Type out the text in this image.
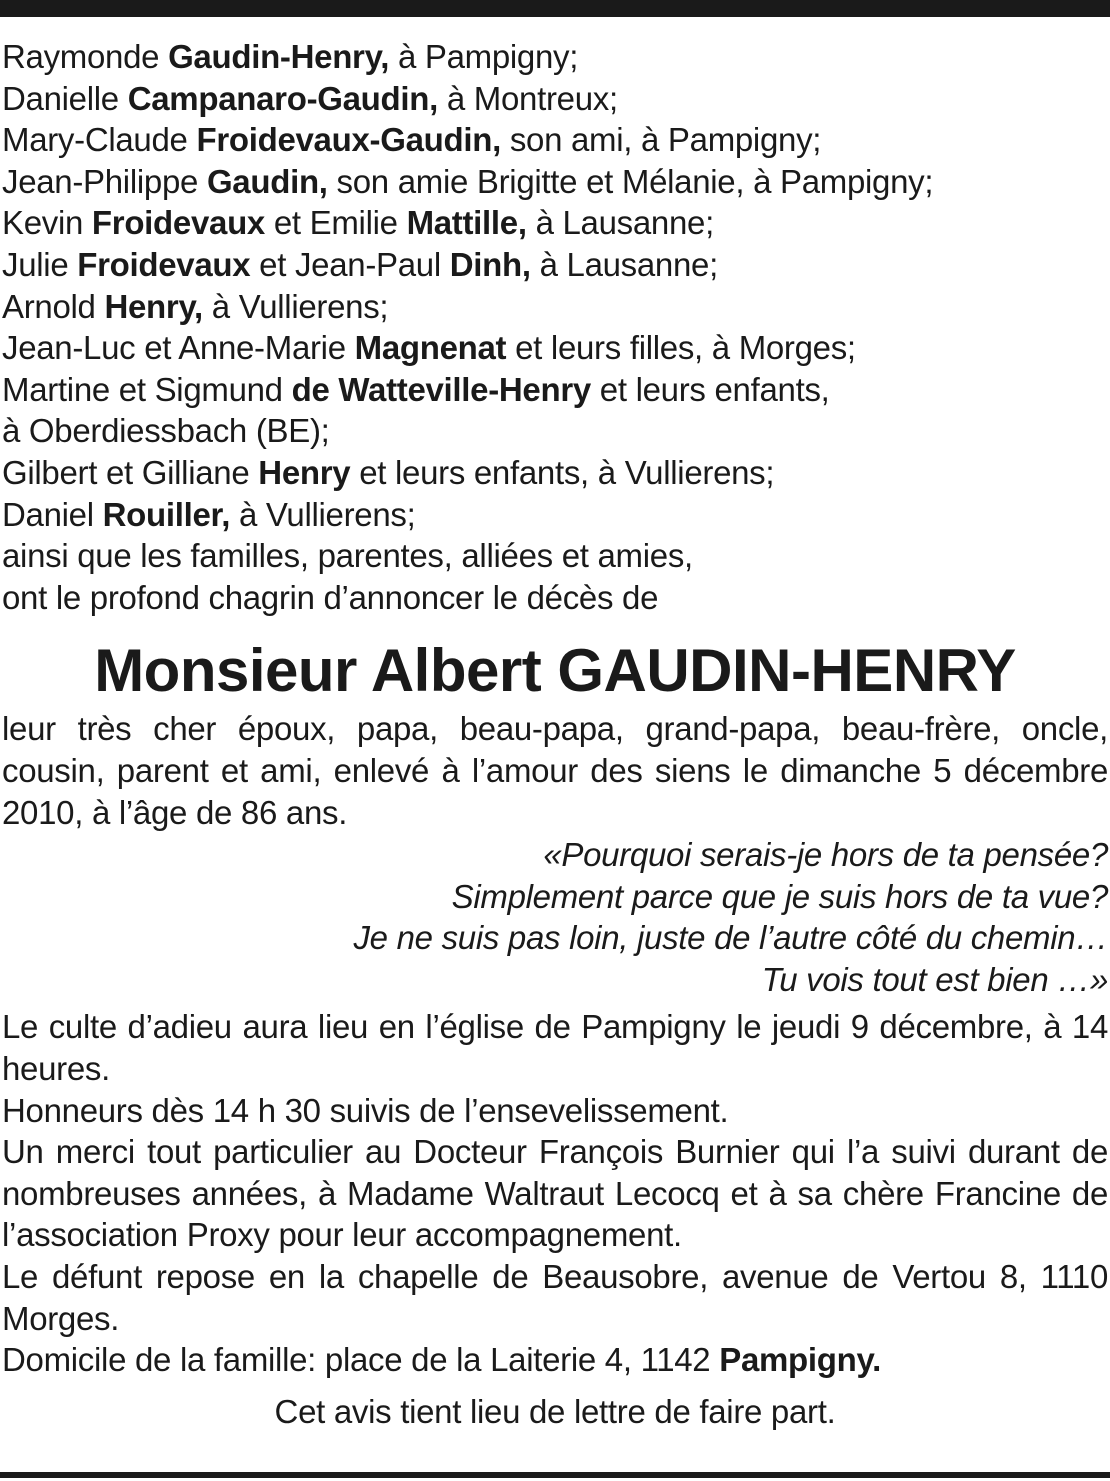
Raymonde Gaudin-Henry, à Pampigny;
Danielle Campanaro-Gaudin, à Montreux;
Mary-Claude Froidevaux-Gaudin, son ami, à Pampigny;
Jean-Philippe Gaudin, son amie Brigitte et Mélanie, à Pampigny;
Kevin Froidevaux et Emilie Mattille, à Lausanne;
Julie Froidevaux et Jean-Paul Dinh, à Lausanne;
Arnold Henry, à Vullierens;
Jean-Luc et Anne-Marie Magnenat et leurs filles, à Morges;
Martine et Sigmund de Watteville-Henry et leurs enfants,
à Oberdiessbach (BE);
Gilbert et Gilliane Henry et leurs enfants, à Vullierens;
Daniel Rouiller, à Vullierens;
ainsi que les familles, parentes, alliées et amies,
ont le profond chagrin d’annoncer le décès de
Monsieur Albert GAUDIN-HENRY
leur très cher époux, papa, beau-papa, grand-papa, beau-frère, oncle, cousin, parent et ami, enlevé à l’amour des siens le dimanche 5 décembre 2010, à l’âge de 86 ans.
«Pourquoi serais-je hors de ta pensée?
Simplement parce que je suis hors de ta vue?
Je ne suis pas loin, juste de l’autre côté du chemin…
Tu vois tout est bien …»
Le culte d’adieu aura lieu en l’église de Pampigny le jeudi 9 décembre, à 14 heures.
Honneurs dès 14 h 30 suivis de l’ensevelissement.
Un merci tout particulier au Docteur François Burnier qui l’a suivi durant de nombreuses années, à Madame Waltraut Lecocq et à sa chère Francine de l’association Proxy pour leur accompagnement.
Le défunt repose en la chapelle de Beausobre, avenue de Vertou 8, 1110 Morges.
Domicile de la famille: place de la Laiterie 4, 1142 Pampigny.
Cet avis tient lieu de lettre de faire part.
